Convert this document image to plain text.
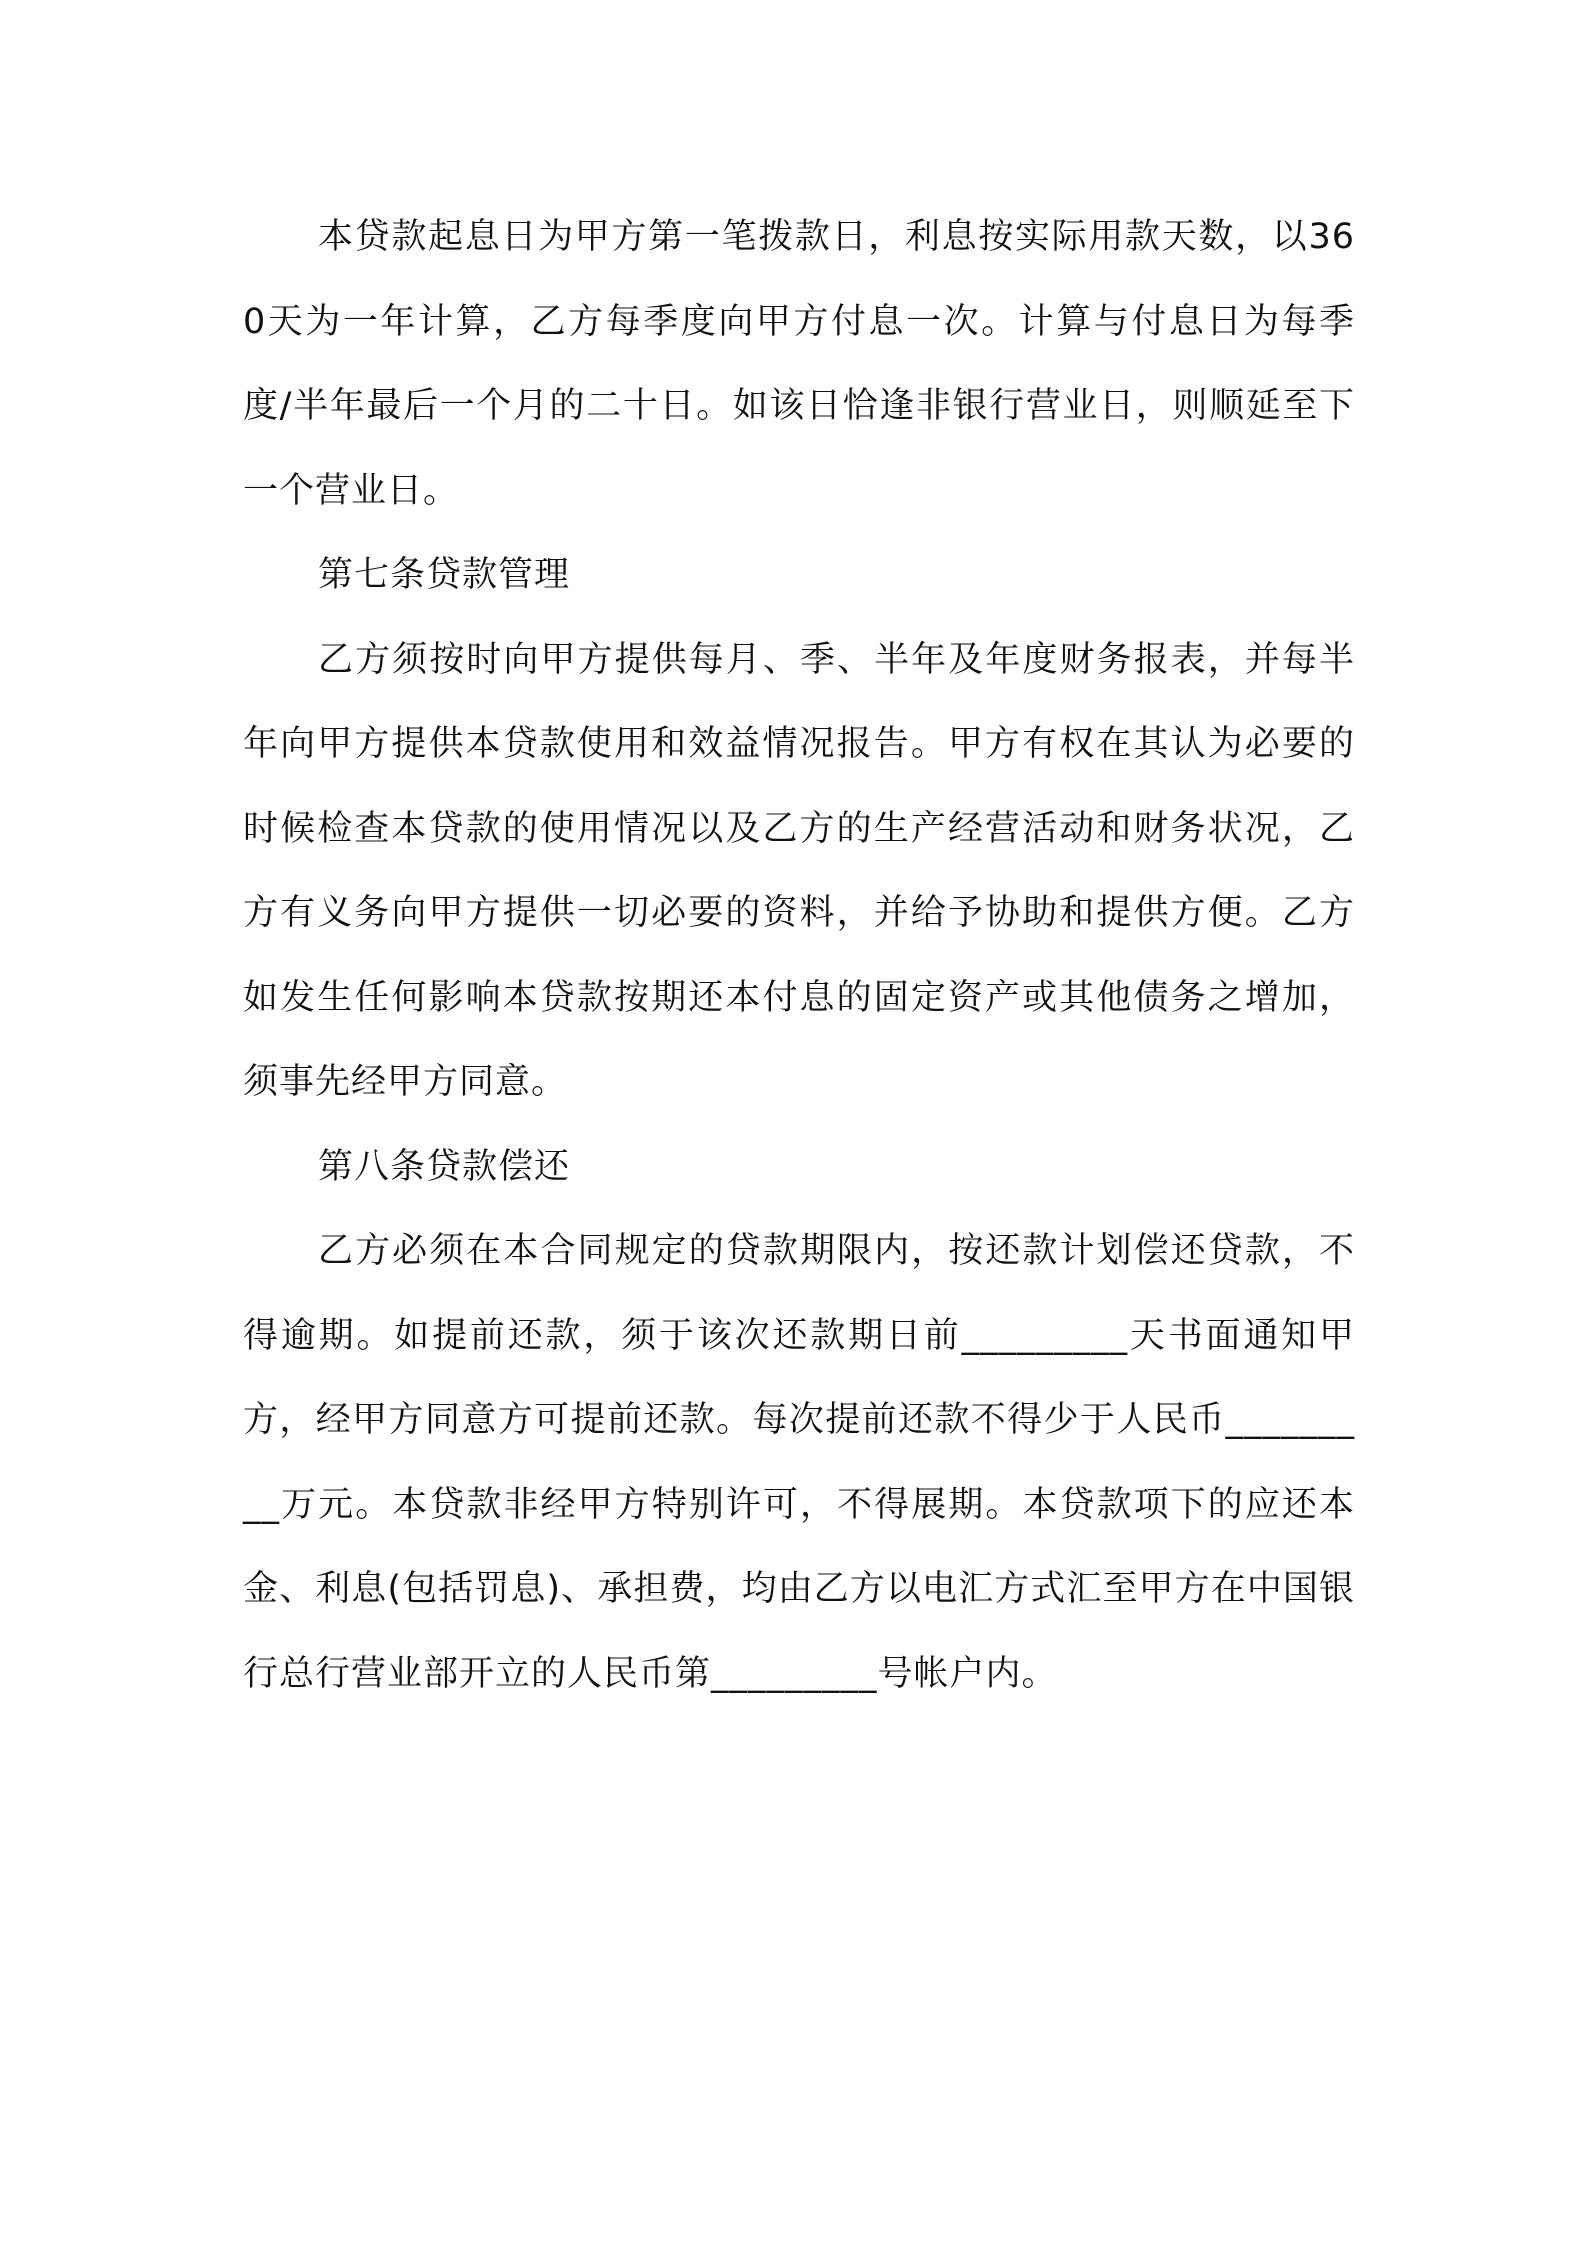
本贷款起息日为甲方第一笔拨款日，利息按实际用款天数，以360天为一年计算，乙方每季度向甲方付息一次。计算与付息日为每季度/半年最后一个月的二十日。如该日恰逢非银行营业日，则顺延至下一个营业日。

第七条贷款管理

乙方须按时向甲方提供每月、季、半年及年度财务报表，并每半年向甲方提供本贷款使用和效益情况报告。甲方有权在其认为必要的时候检查本贷款的使用情况以及乙方的生产经营活动和财务状况，乙方有义务向甲方提供一切必要的资料，并给予协助和提供方便。乙方如发生任何影响本贷款按期还本付息的固定资产或其他债务之增加，须事先经甲方同意。

第八条贷款偿还

乙方必须在本合同规定的贷款期限内，按还款计划偿还贷款，不得逾期。如提前还款，须于该次还款期日前_________天书面通知甲方，经甲方同意方可提前还款。每次提前还款不得少于人民币_________万元。本贷款非经甲方特别许可，不得展期。本贷款项下的应还本金、利息(包括罚息)、承担费，均由乙方以电汇方式汇至甲方在中国银行总行营业部开立的人民币第_________号帐户内。
